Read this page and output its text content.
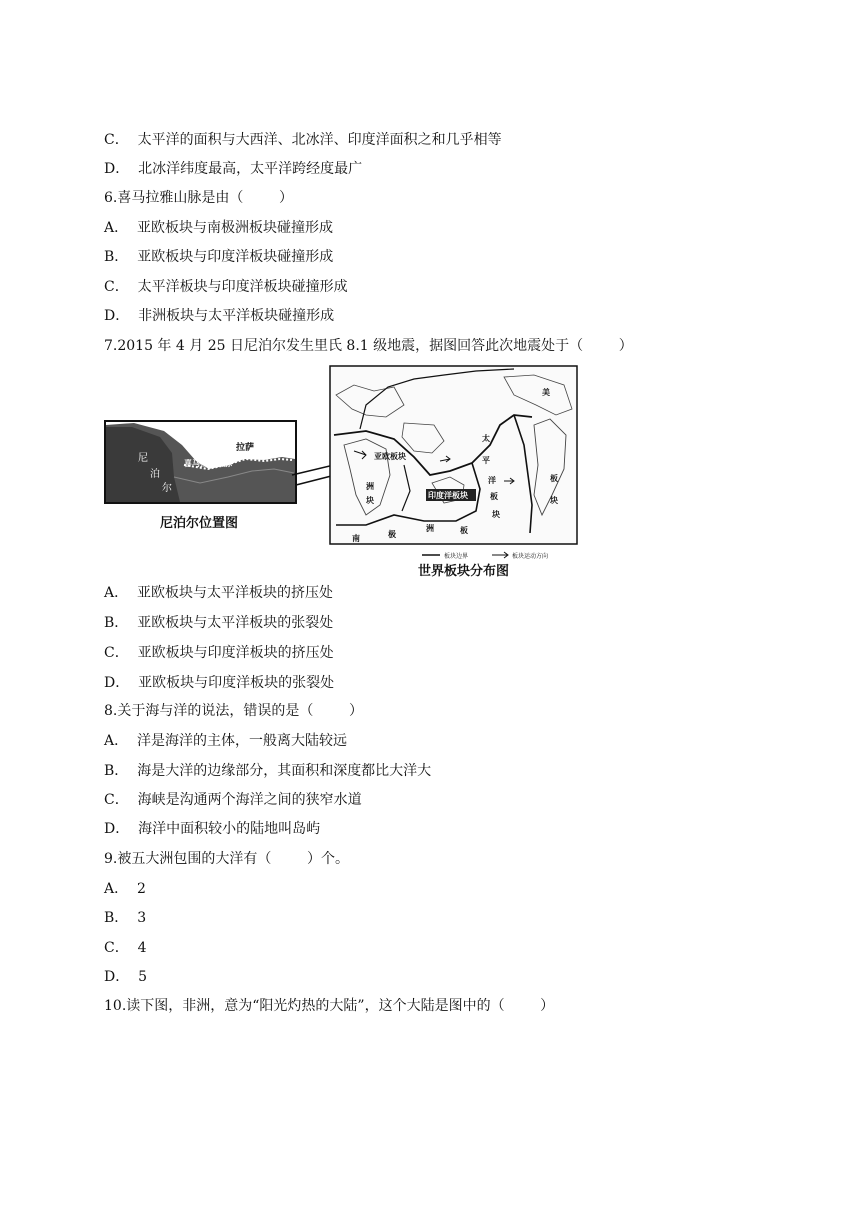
C．  太平洋的面积与大西洋、北冰洋、印度洋面积之和几乎相等
D．  北冰洋纬度最高，太平洋跨经度最广
6.喜马拉雅山脉是由（        ）
A．  亚欧板块与南极洲板块碰撞形成
B．  亚欧板块与印度洋板块碰撞形成
C．  太平洋板块与印度洋板块碰撞形成
D．  非洲板块与太平洋板块碰撞形成
7.2015 年 4 月 25 日尼泊尔发生里氏 8.1 级地震，据图回答此次地震处于（        ）
拉萨
喜马拉雅山脉
尼
泊
尔
亚欧板块
洲
块	印度洋板块
太
平
洋
板
块
美
板
块
南	极
洲	板
板块边界	板块运动方向
尼泊尔位置图
世界板块分布图
A．  亚欧板块与太平洋板块的挤压处
B．  亚欧板块与太平洋板块的张裂处
C．  亚欧板块与印度洋板块的挤压处
D．  亚欧板块与印度洋板块的张裂处
8.关于海与洋的说法，错误的是（        ）
A．  洋是海洋的主体，一般离大陆较远
B．  海是大洋的边缘部分，其面积和深度都比大洋大
C．  海峡是沟通两个海洋之间的狭窄水道
D．  海洋中面积较小的陆地叫岛屿
9.被五大洲包围的大洋有（        ）个。
A．  2
B．  3
C．  4
D．  5
10.读下图，非洲，意为“阳光灼热的大陆”，这个大陆是图中的（        ）
